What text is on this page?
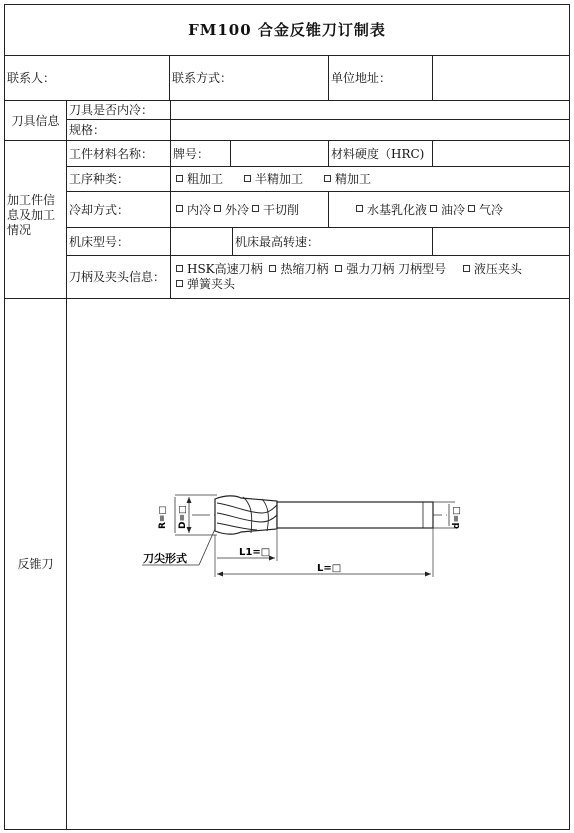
FM100 合金反锥刀订制表
联系人：	联系方式：	单位地址：
刀具信息
刀具是否内冷：
规格：
加工件信息及加工情况
工件材料名称：	牌号：	材料硬度（HRC)
工序种类：	粗加工	半精加工	精加工
冷却方式：	内冷 外冷 干切削	水基乳化液 油冷 气冷
机床型号：	机床最高转速：
刀柄及夹头信息：
HSK高速刀柄 热缩刀柄 强力刀柄 刀柄型号 液压夹头
弹簧夹头
反锥刀
R=□ D=□	d=□
L1=□
L=□
刀尖形式
